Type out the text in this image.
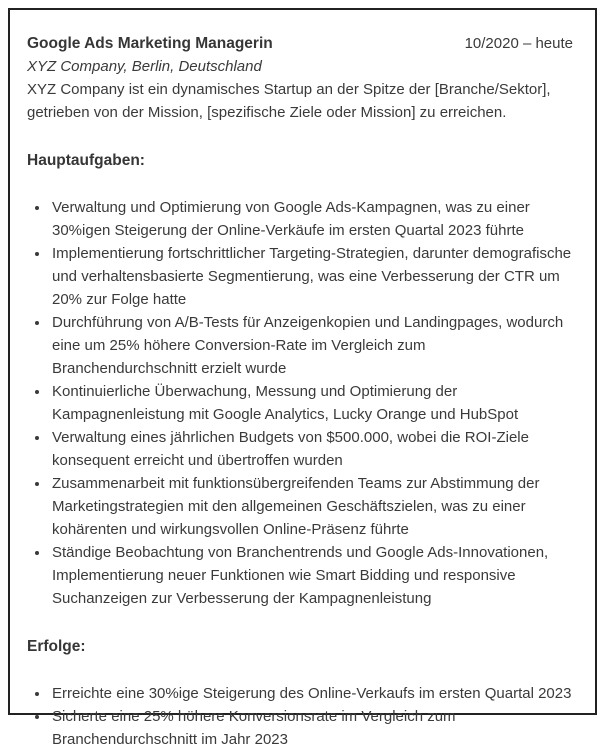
Google Ads Marketing Managerin	10/2020 – heute
XYZ Company, Berlin, Deutschland

XYZ Company ist ein dynamisches Startup an der Spitze der [Branche/Sektor], getrieben von der Mission, [spezifische Ziele oder Mission] zu erreichen.

Hauptaufgaben:
• Verwaltung und Optimierung von Google Ads-Kampagnen, was zu einer 30%igen Steigerung der Online-Verkäufe im ersten Quartal 2023 führte
• Implementierung fortschrittlicher Targeting-Strategien, darunter demografische und verhaltensbasierte Segmentierung, was eine Verbesserung der CTR um 20% zur Folge hatte
• Durchführung von A/B-Tests für Anzeigenkopien und Landingpages, wodurch eine um 25% höhere Conversion-Rate im Vergleich zum Branchendurchschnitt erzielt wurde
• Kontinuierliche Überwachung, Messung und Optimierung der Kampagnenleistung mit Google Analytics, Lucky Orange und HubSpot
• Verwaltung eines jährlichen Budgets von $500.000, wobei die ROI-Ziele konsequent erreicht und übertroffen wurden
• Zusammenarbeit mit funktionsübergreifenden Teams zur Abstimmung der Marketingstrategien mit den allgemeinen Geschäftszielen, was zu einer kohärenten und wirkungsvollen Online-Präsenz führte
• Ständige Beobachtung von Branchentrends und Google Ads-Innovationen, Implementierung neuer Funktionen wie Smart Bidding und responsive Suchanzeigen zur Verbesserung der Kampagnenleistung
Erfolge:
• Erreichte eine 30%ige Steigerung des Online-Verkaufs im ersten Quartal 2023
• Sicherte eine 25% höhere Konversionsrate im Vergleich zum Branchendurchschnitt im Jahr 2023
